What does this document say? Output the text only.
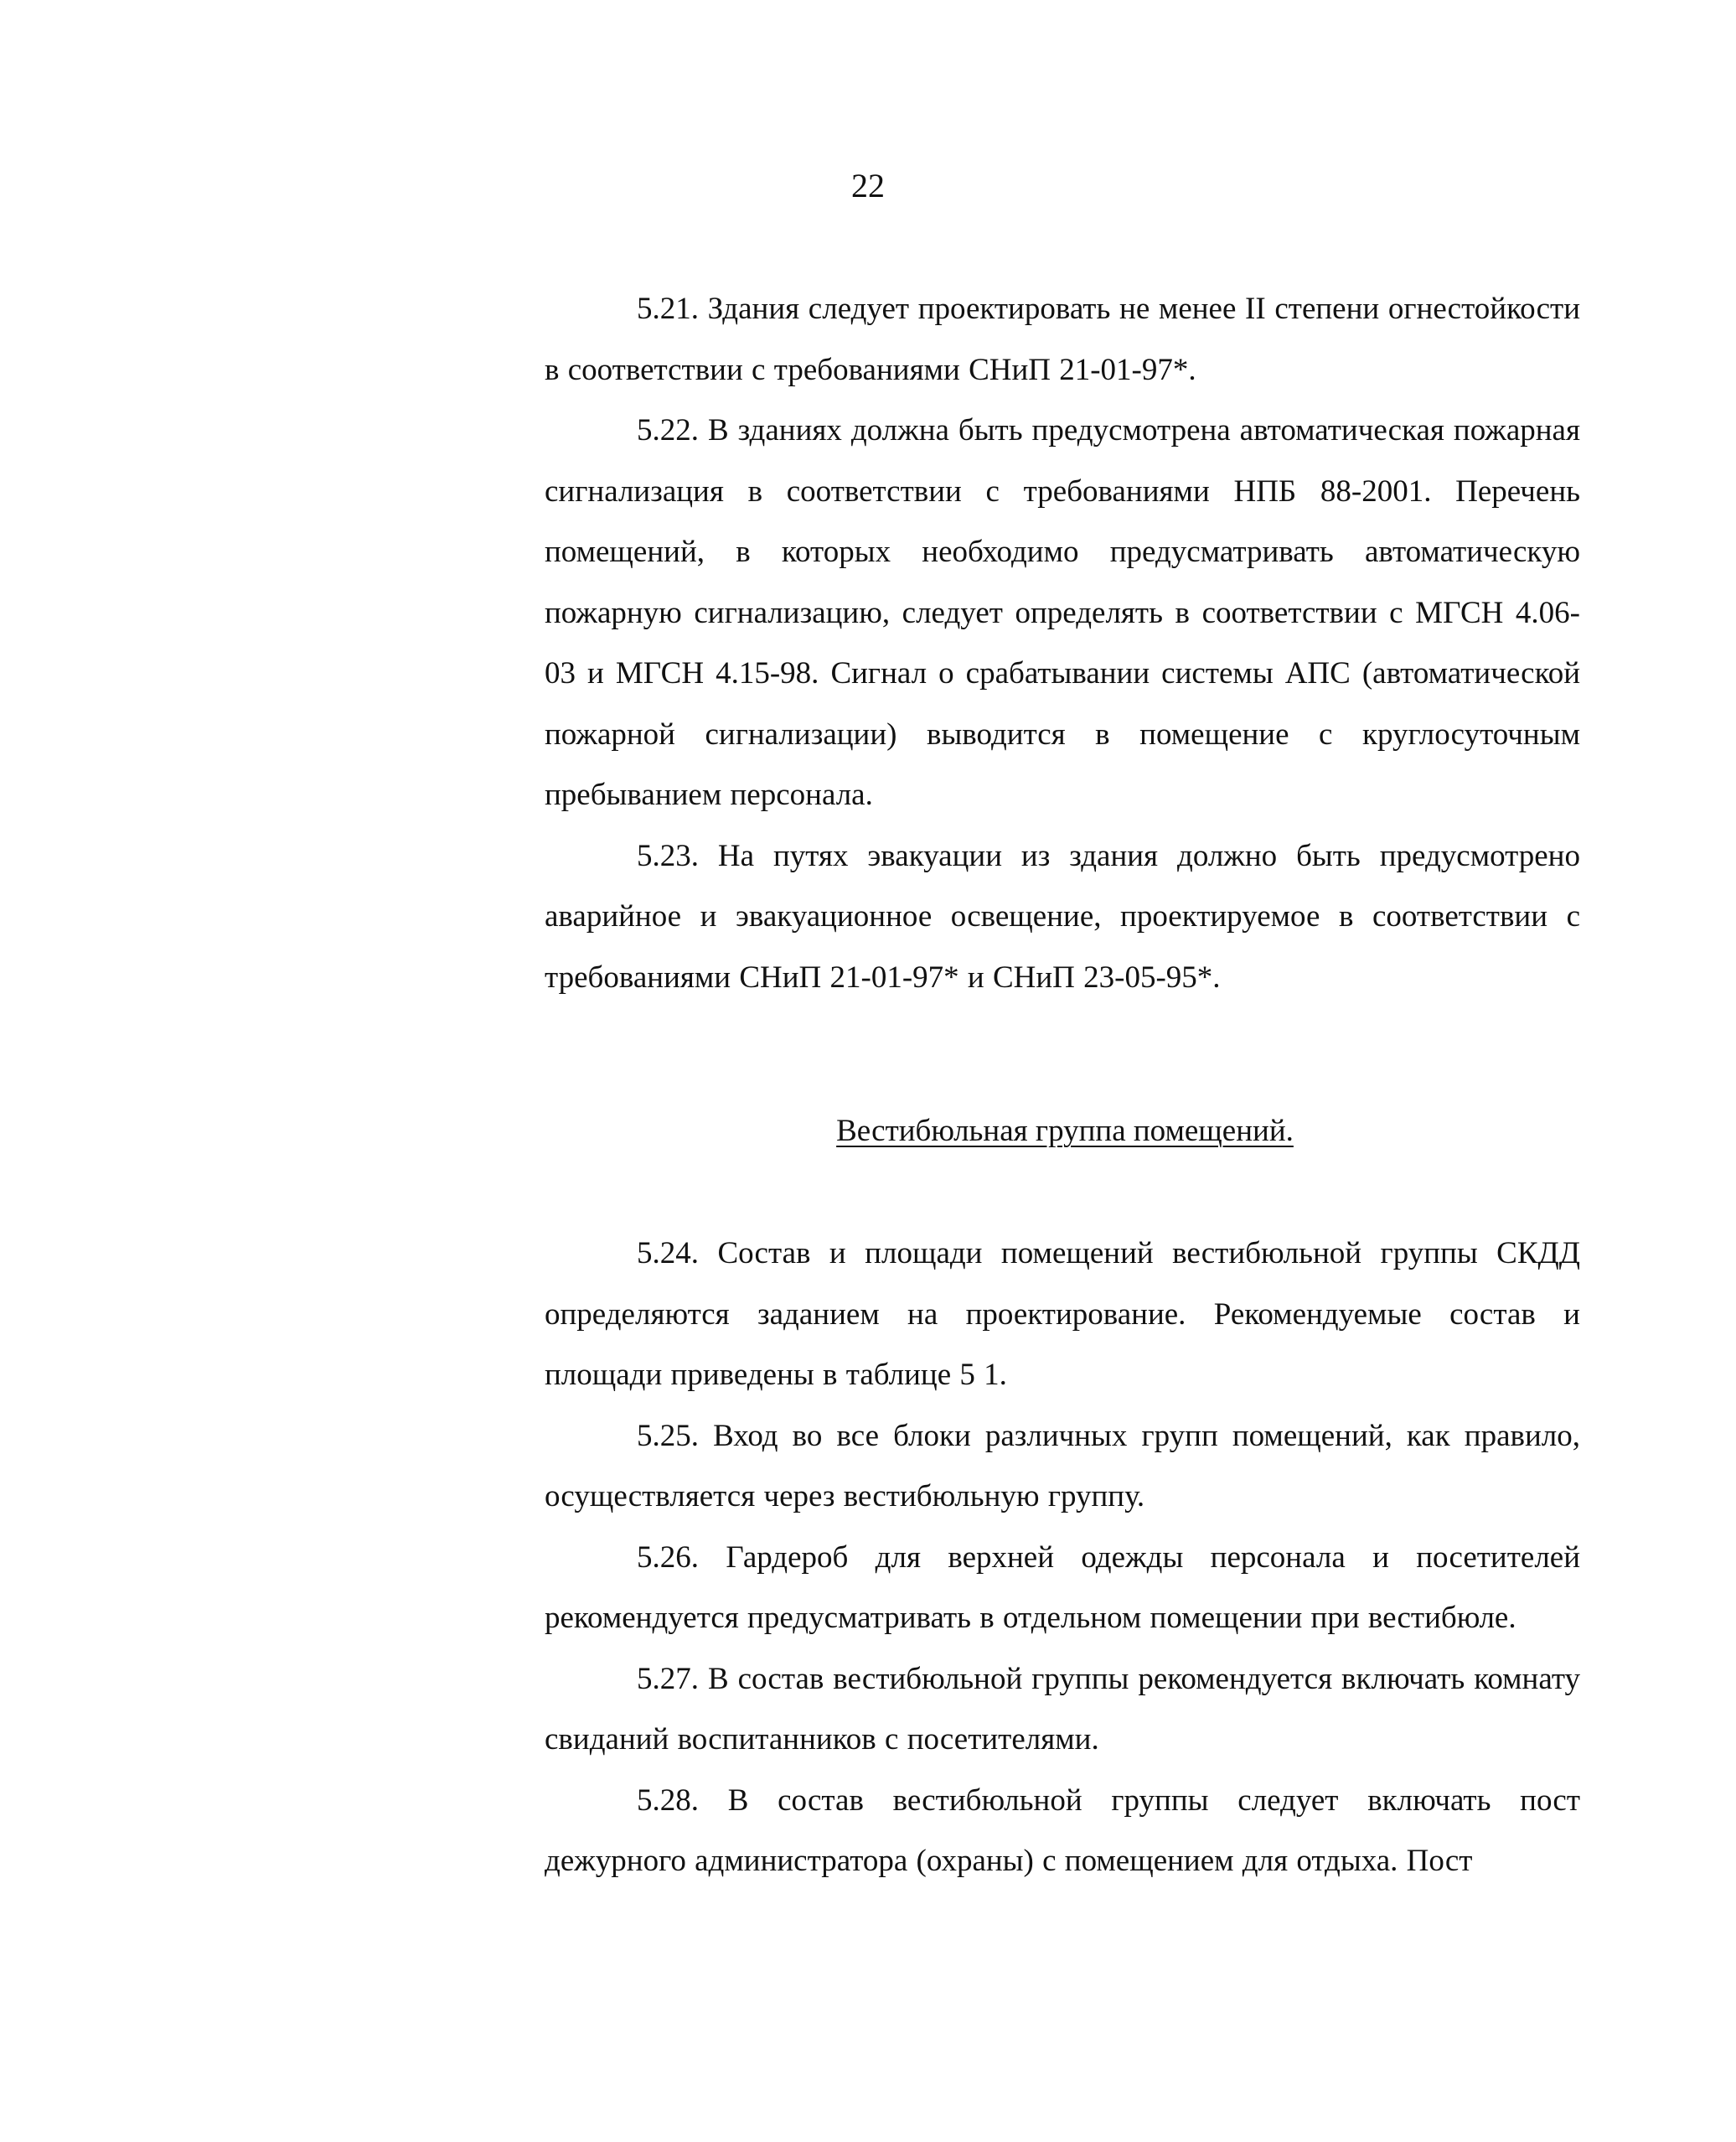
22

5.21. Здания следует проектировать не менее II степени огнестойкости в соответствии с требованиями СНиП 21-01-97*.

5.22. В зданиях должна быть предусмотрена автоматическая пожарная сигнализация в соответствии с требованиями НПБ 88-2001. Перечень помещений, в которых необходимо предусматривать автоматическую пожарную сигнализацию, следует определять в соответствии с МГСН 4.06-03 и МГСН 4.15-98. Сигнал о срабатывании системы АПС (автоматической пожарной сигнализации) выводится в помещение с круглосуточным пребыванием персонала.

5.23. На путях эвакуации из здания должно быть предусмотрено аварийное и эвакуационное освещение, проектируемое в соответствии с требованиями СНиП 21-01-97* и СНиП 23-05-95*.

Вестибюльная группа помещений.

5.24. Состав и площади помещений вестибюльной группы СКДД определяются заданием на проектирование. Рекомендуемые состав и площади приведены в таблице 5 1.

5.25. Вход во все блоки различных групп помещений, как правило, осуществляется через вестибюльную группу.

5.26. Гардероб для верхней одежды персонала и посетителей рекомендуется предусматривать в отдельном помещении при вестибюле.

5.27. В состав вестибюльной группы рекомендуется включать комнату свиданий воспитанников с посетителями.

5.28. В состав вестибюльной группы следует включать пост дежурного администратора (охраны) с помещением для отдыха. Пост
